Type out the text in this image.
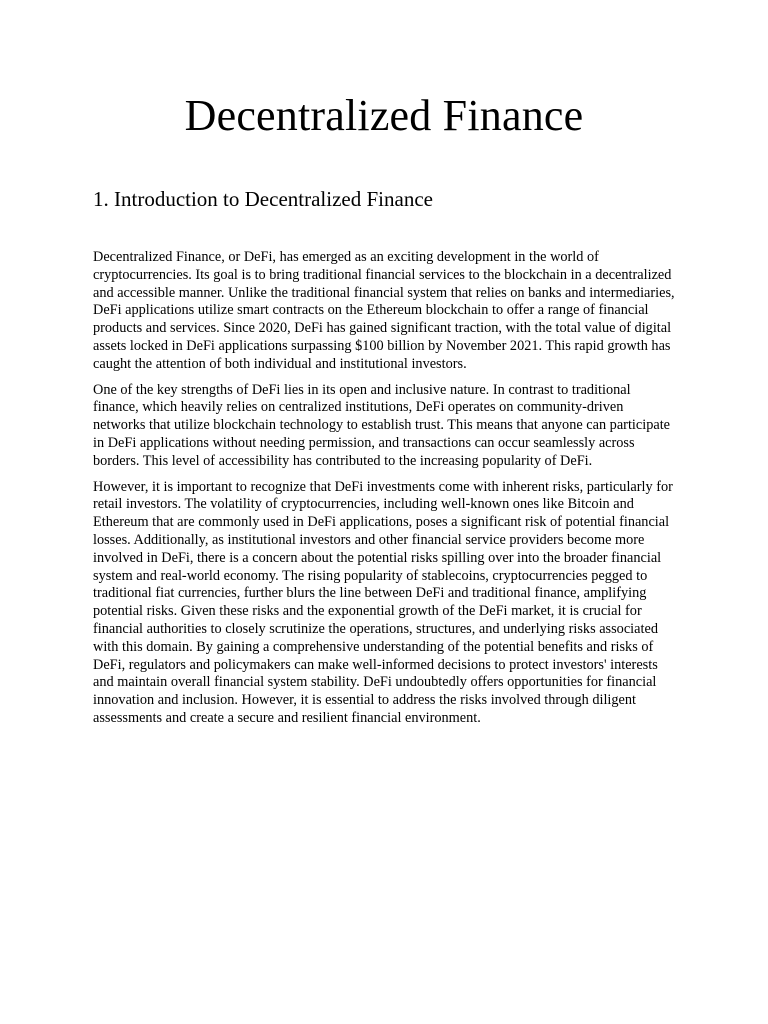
Decentralized Finance
1. Introduction to Decentralized Finance

Decentralized Finance, or DeFi, has emerged as an exciting development in the world of cryptocurrencies. Its goal is to bring traditional financial services to the blockchain in a decentralized and accessible manner. Unlike the traditional financial system that relies on banks and intermediaries, DeFi applications utilize smart contracts on the Ethereum blockchain to offer a range of financial products and services. Since 2020, DeFi has gained significant traction, with the total value of digital assets locked in DeFi applications surpassing $100 billion by November 2021. This rapid growth has caught the attention of both individual and institutional investors.

One of the key strengths of DeFi lies in its open and inclusive nature. In contrast to traditional finance, which heavily relies on centralized institutions, DeFi operates on community-driven networks that utilize blockchain technology to establish trust. This means that anyone can participate in DeFi applications without needing permission, and transactions can occur seamlessly across borders. This level of accessibility has contributed to the increasing popularity of DeFi.

However, it is important to recognize that DeFi investments come with inherent risks, particularly for retail investors. The volatility of cryptocurrencies, including well-known ones like Bitcoin and Ethereum that are commonly used in DeFi applications, poses a significant risk of potential financial losses. Additionally, as institutional investors and other financial service providers become more involved in DeFi, there is a concern about the potential risks spilling over into the broader financial system and real-world economy. The rising popularity of stablecoins, cryptocurrencies pegged to traditional fiat currencies, further blurs the line between DeFi and traditional finance, amplifying potential risks. Given these risks and the exponential growth of the DeFi market, it is crucial for financial authorities to closely scrutinize the operations, structures, and underlying risks associated with this domain. By gaining a comprehensive understanding of the potential benefits and risks of DeFi, regulators and policymakers can make well-informed decisions to protect investors' interests and maintain overall financial system stability. DeFi undoubtedly offers opportunities for financial innovation and inclusion. However, it is essential to address the risks involved through diligent assessments and create a secure and resilient financial environment.
